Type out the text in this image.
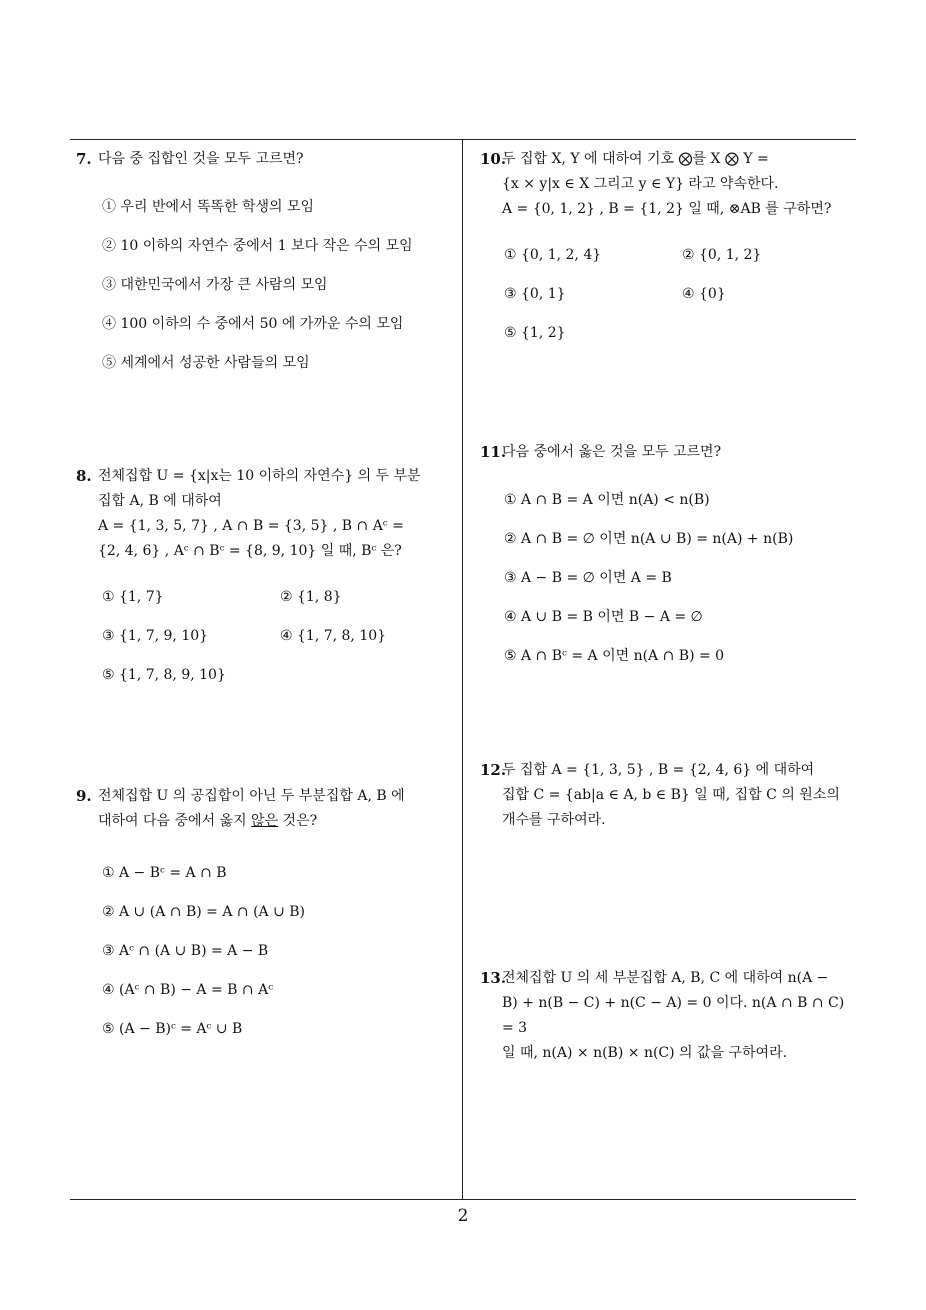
7. 다음 중 집합인 것을 모두 고르면?
① 우리 반에서 똑똑한 학생의 모임
② 10 이하의 자연수 중에서 1 보다 작은 수의 모임
③ 대한민국에서 가장 큰 사람의 모임
④ 100 이하의 수 중에서 50 에 가까운 수의 모임
⑤ 세계에서 성공한 사람들의 모임
8. 전체집합 U = {x|x는 10 이하의 자연수} 의 두 부분
집합 A, B 에 대하여
A = {1, 3, 5, 7} , A ∩ B = {3, 5} , B ∩ Aᶜ =
{2, 4, 6} , Aᶜ ∩ Bᶜ = {8, 9, 10} 일 때, Bᶜ 은?
① {1, 7}	② {1, 8}
③ {1, 7, 9, 10}	④ {1, 7, 8, 10}
⑤ {1, 7, 8, 9, 10}
9. 전체집합 U 의 공집합이 아닌 두 부분집합 A, B 에
대하여 다음 중에서 옳지 않은 것은?
① A − Bᶜ = A ∩ B
② A ∪ (A ∩ B) = A ∩ (A ∪ B)
③ Aᶜ ∩ (A ∪ B) = A − B
④ (Aᶜ ∩ B) − A = B ∩ Aᶜ
⑤ (A − B)ᶜ = Aᶜ ∪ B
10.
두 집합 X, Y 에 대하여 기호 ⨂를 X ⨂ Y =
{x × y|x ∈ X 그리고 y ∈ Y} 라고 약속한다.
A = {0, 1, 2} , B = {1, 2} 일 때, ⊗AB 를 구하면?
① {0, 1, 2, 4}	② {0, 1, 2}
③ {0, 1}	④ {0}
⑤ {1, 2}
11.
다음 중에서 옳은 것을 모두 고르면?
① A ∩ B = A 이면 n(A) < n(B)
② A ∩ B = ∅ 이면 n(A ∪ B) = n(A) + n(B)
③ A − B = ∅ 이면 A = B
④ A ∪ B = B 이면 B − A = ∅
⑤ A ∩ Bᶜ = A 이면 n(A ∩ B) = 0
12.
두 집합 A = {1, 3, 5} , B = {2, 4, 6} 에 대하여
집합 C = {ab|a ∈ A, b ∈ B} 일 때, 집합 C 의 원소의
개수를 구하여라.
13.
전체집합 U 의 세 부분집합 A, B, C 에 대하여 n(A −
B) + n(B − C) + n(C − A) = 0 이다. n(A ∩ B ∩ C) = 3
일 때, n(A) × n(B) × n(C) 의 값을 구하여라.
2
